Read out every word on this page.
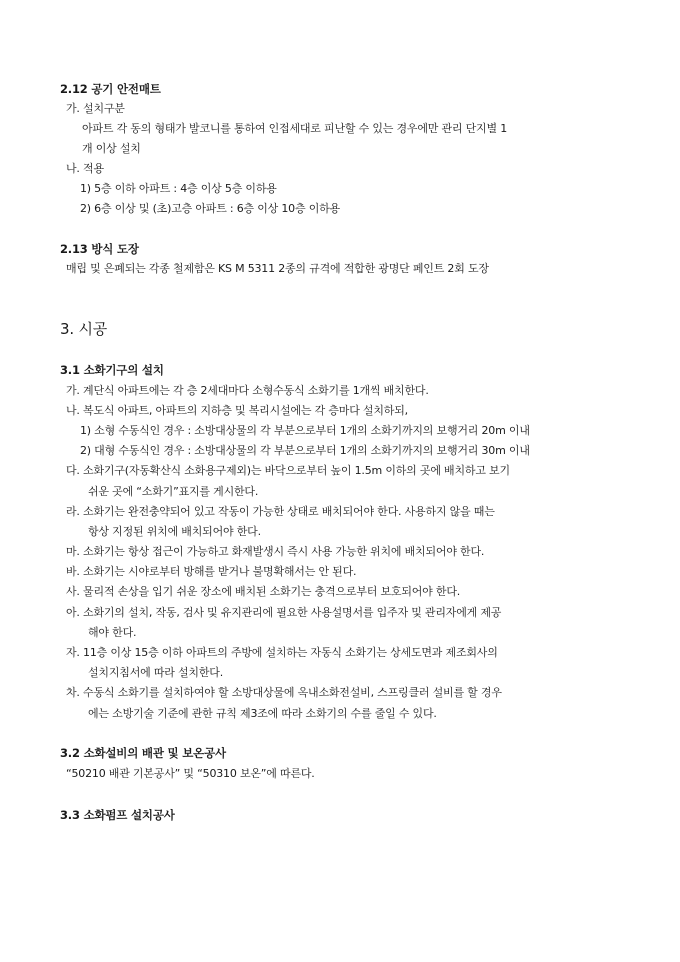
2.12 공기 안전매트
가. 설치구분
아파트 각 동의 형태가 발코니를 통하여 인접세대로 피난할 수 있는 경우에만 관리 단지별 1
개 이상 설치
나. 적용
1) 5층 이하 아파트 : 4층 이상 5층 이하용
2) 6층 이상 및 (초)고층 아파트 : 6층 이상 10층 이하용
2.13 방식 도장
매립 및 은폐되는 각종 철제함은 KS M 5311 2종의 규격에 적합한 광명단 페인트 2회 도장
3. 시공
3.1 소화기구의 설치
가. 계단식 아파트에는 각 층 2세대마다 소형수동식 소화기를 1개씩 배치한다.
나. 복도식 아파트, 아파트의 지하층 및 복리시설에는 각 층마다 설치하되,
1) 소형 수동식인 경우 : 소방대상물의 각 부분으로부터 1개의 소화기까지의 보행거리 20m 이내
2) 대형 수동식인 경우 : 소방대상물의 각 부분으로부터 1개의 소화기까지의 보행거리 30m 이내
다. 소화기구(자동확산식 소화용구제외)는 바닥으로부터 높이 1.5m 이하의 곳에 배치하고 보기
쉬운 곳에 “소화기”표지를 게시한다.
라. 소화기는 완전충약되어 있고 작동이 가능한 상태로 배치되어야 한다. 사용하지 않을 때는
항상 지정된 위치에 배치되어야 한다.
마. 소화기는 항상 접근이 가능하고 화재발생시 즉시 사용 가능한 위치에 배치되어야 한다.
바. 소화기는 시야로부터 방해를 받거나 불명확해서는 안 된다.
사. 물리적 손상을 입기 쉬운 장소에 배치된 소화기는 충격으로부터 보호되어야 한다.
아. 소화기의 설치, 작동, 검사 및 유지관리에 필요한 사용설명서를 입주자 및 관리자에게 제공
해야 한다.
자. 11층 이상 15층 이하 아파트의 주방에 설치하는 자동식 소화기는 상세도면과 제조회사의
설치지침서에 따라 설치한다.
차. 수동식 소화기를 설치하여야 할 소방대상물에 옥내소화전설비, 스프링클러 설비를 할 경우
에는 소방기술 기준에 관한 규칙 제3조에 따라 소화기의 수를 줄일 수 있다.
3.2 소화설비의 배관 및 보온공사
“50210 배관 기본공사” 및 “50310 보온”에 따른다.
3.3 소화펌프 설치공사
